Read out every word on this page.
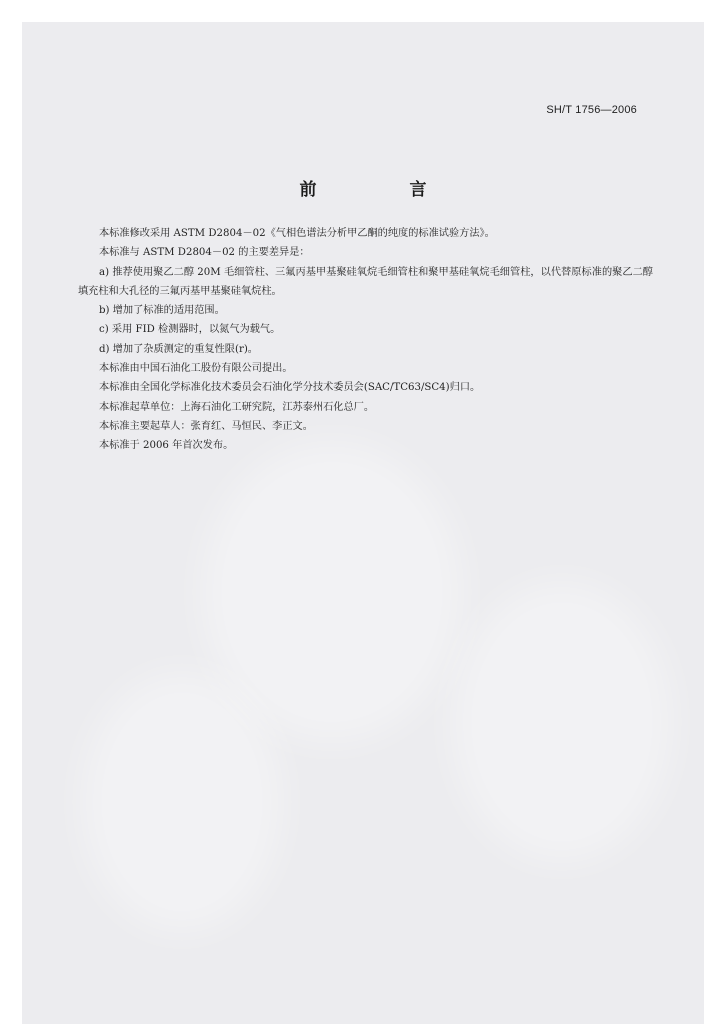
SH/T 1756—2006
前　言

本标准修改采用 ASTM D2804－02《气相色谱法分析甲乙酮的纯度的标准试验方法》。

本标准与 ASTM D2804－02 的主要差异是：

a) 推荐使用聚乙二醇 20M 毛细管柱、三氟丙基甲基聚硅氧烷毛细管柱和聚甲基硅氧烷毛细管柱，以代替原标准的聚乙二醇填充柱和大孔径的三氟丙基甲基聚硅氧烷柱。

b) 增加了标准的适用范围。

c) 采用 FID 检测器时，以氮气为载气。

d) 增加了杂质测定的重复性限(r)。

本标准由中国石油化工股份有限公司提出。

本标准由全国化学标准化技术委员会石油化学分技术委员会(SAC/TC63/SC4)归口。

本标准起草单位：上海石油化工研究院，江苏泰州石化总厂。

本标准主要起草人：张育红、马恒民、李正文。

本标准于 2006 年首次发布。
